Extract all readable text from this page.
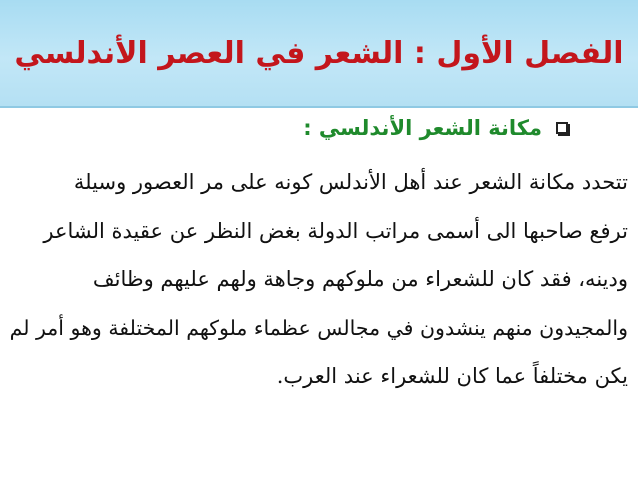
الفصل الأول : الشعر في العصر الأندلسي
مكانة الشعر الأندلسي :
تتحدد مكانة الشعر عند أهل الأندلس كونه على مر العصور وسيلة
ترفع صاحبها الى أسمى مراتب الدولة بغض النظر عن عقيدة الشاعر
ودينه، فقد كان للشعراء من ملوكهم وجاهة ولهم عليهم وظائف
والمجيدون منهم ينشدون في مجالس عظماء ملوكهم المختلفة وهو أمر لم
يكن مختلفاً عما كان للشعراء عند العرب.
